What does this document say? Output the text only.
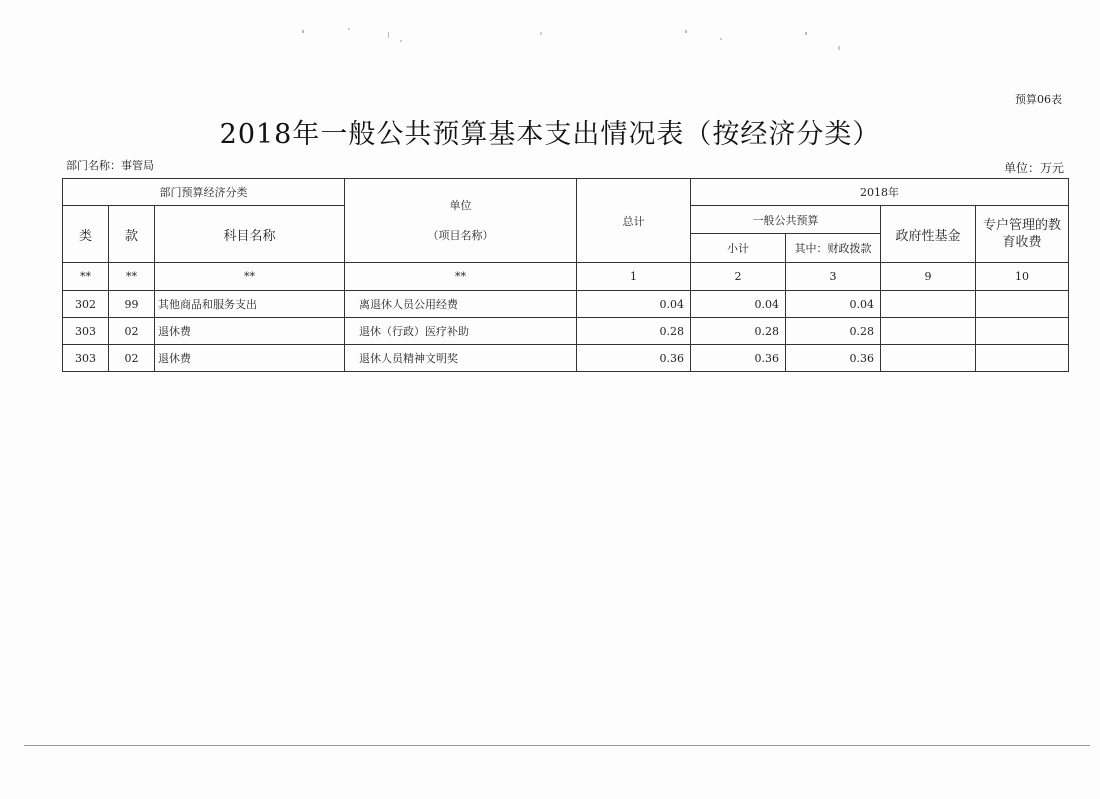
预算06表
2018年一般公共预算基本支出情况表（按经济分类）
部门名称：事管局	单位：万元
部门预算经济分类			单位
（项目名称）	总计	2018年			
类	款	科目名称			一般公共预算		政府性基金	专户管理的教育收费
					小计	其中：财政拨款		
**	**	**	**	1	2	3	9	10
302	99	其他商品和服务支出	离退休人员公用经费	0.04	0.04	0.04		
303	02	退休费	退休（行政）医疗补助	0.28	0.28	0.28		
303	02	退休费	退休人员精神文明奖	0.36	0.36	0.36		
